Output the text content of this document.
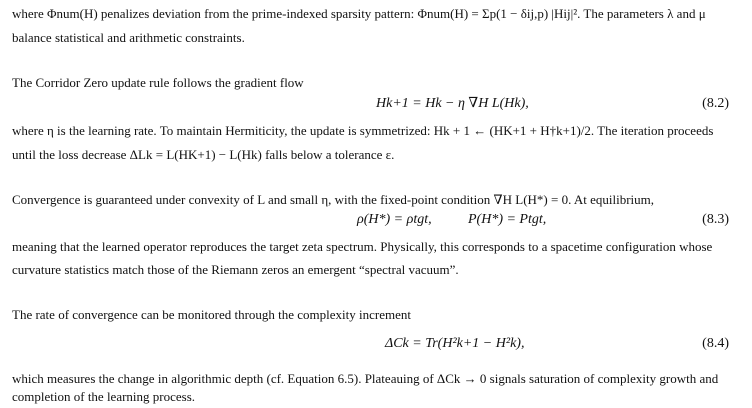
where Φnum(H) penalizes deviation from the prime-indexed sparsity pattern: Φnum(H) = Σp(1 − δij,p) |Hij|². The parameters λ and μ
balance statistical and arithmetic constraints.
The Corridor Zero update rule follows the gradient flow
Hk+1 = Hk − η ∇H L(Hk),	(8.2)
where η is the learning rate. To maintain Hermiticity, the update is symmetrized: Hk + 1 ← (HK+1 + H†k+1)/2. The iteration proceeds
until the loss decrease ΔLk = L(HK+1) − L(Hk) falls below a tolerance ε.
Convergence is guaranteed under convexity of L and small η, with the fixed-point condition ∇H L(H*) = 0. At equilibrium,
ρ(H*) = ρtgt,	P(H*) = Ptgt,	(8.3)
meaning that the learned operator reproduces the target zeta spectrum. Physically, this corresponds to a spacetime configuration whose
curvature statistics match those of the Riemann zeros an emergent “spectral vacuum”.
The rate of convergence can be monitored through the complexity increment
ΔCk = Tr(H²k+1 − H²k),	(8.4)
which measures the change in algorithmic depth (cf. Equation 6.5). Plateauing of ΔCk → 0 signals saturation of complexity growth and
completion of the learning process.
